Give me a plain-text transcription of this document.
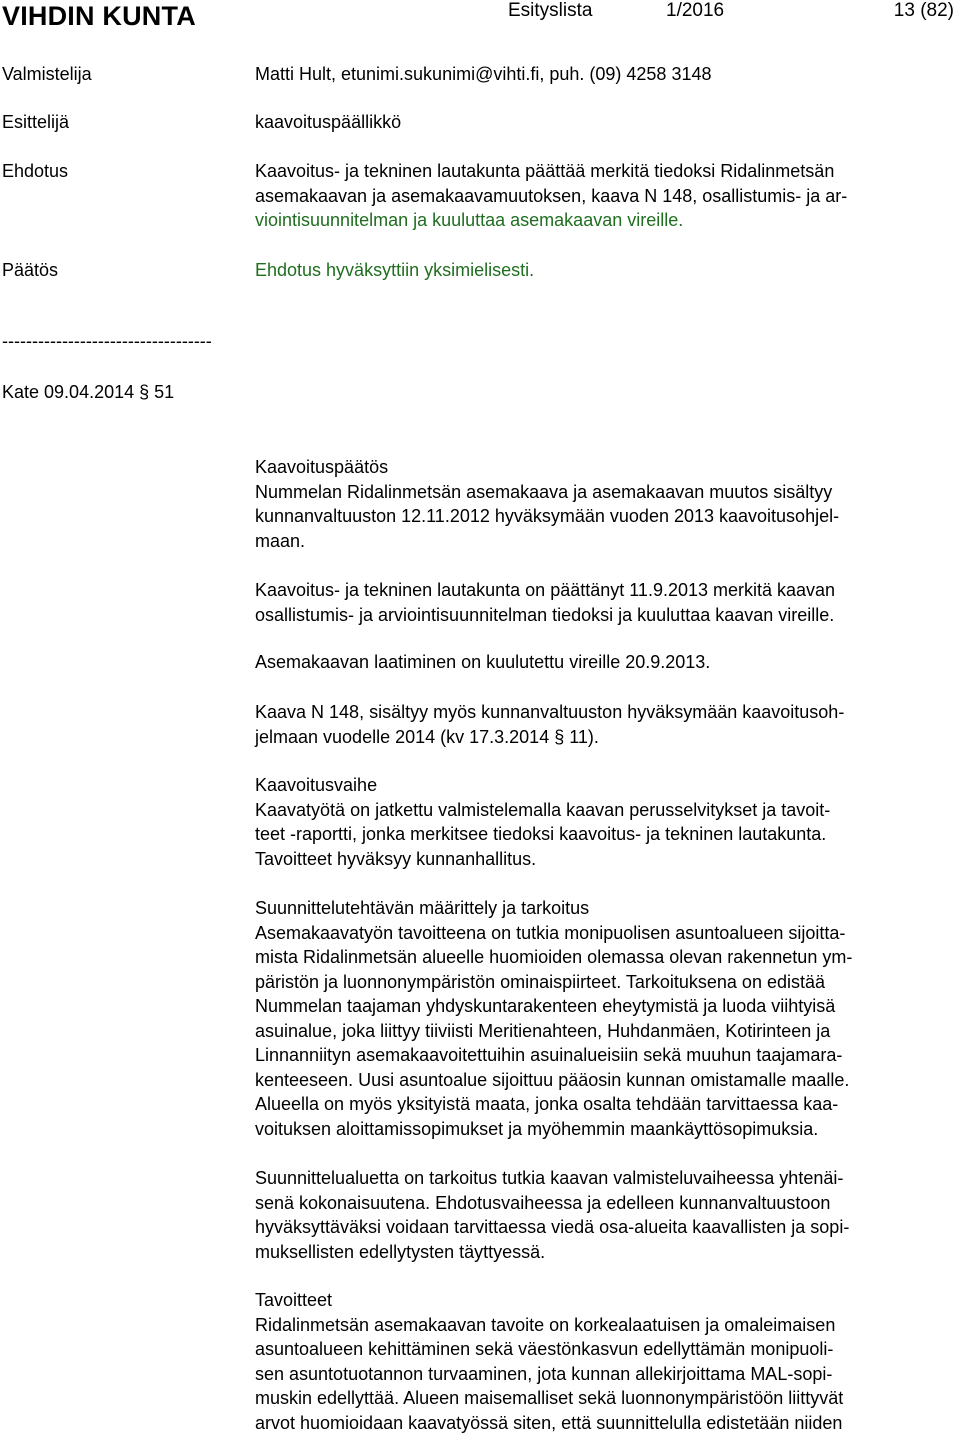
VIHDIN KUNTA	Esityslista	1/2016	13 (82)
Valmistelija	Matti Hult, etunimi.sukunimi@vihti.fi, puh. (09) 4258 3148
Esittelijä	kaavoituspäällikkö
Ehdotus	Kaavoitus- ja tekninen lautakunta päättää merkitä tiedoksi Ridalinmetsän
asemakaavan ja asemakaavamuutoksen, kaava N 148, osallistumis- ja ar-
viointisuunnitelman ja kuuluttaa asemakaavan vireille.
Päätös	Ehdotus hyväksyttiin yksimielisesti.
-----------------------------------
Kate 09.04.2014 § 51
Kaavoituspäätös
Nummelan Ridalinmetsän asemakaava ja asemakaavan muutos sisältyy
kunnanvaltuuston 12.11.2012 hyväksymään vuoden 2013 kaavoitusohjel-
maan.
Kaavoitus- ja tekninen lautakunta on päättänyt 11.9.2013 merkitä kaavan
osallistumis- ja arviointisuunnitelman tiedoksi ja kuuluttaa kaavan vireille.
Asemakaavan laatiminen on kuulutettu vireille 20.9.2013.
Kaava N 148, sisältyy myös kunnanvaltuuston hyväksymään kaavoitusoh-
jelmaan vuodelle 2014 (kv 17.3.2014 § 11).
Kaavoitusvaihe
Kaavatyötä on jatkettu valmistelemalla kaavan perusselvitykset ja tavoit-
teet -raportti, jonka merkitsee tiedoksi kaavoitus- ja tekninen lautakunta.
Tavoitteet hyväksyy kunnanhallitus.
Suunnittelutehtävän määrittely ja tarkoitus
Asemakaavatyön tavoitteena on tutkia monipuolisen asuntoalueen sijoitta-
mista Ridalinmetsän alueelle huomioiden olemassa olevan rakennetun ym-
päristön ja luonnonympäristön ominaispiirteet. Tarkoituksena on edistää
Nummelan taajaman yhdyskuntarakenteen eheytymistä ja luoda viihtyisä
asuinalue, joka liittyy tiiviisti Meritienahteen, Huhdanmäen, Kotirinteen ja
Linnanniityn asemakaavoitettuihin asuinalueisiin sekä muuhun taajamara-
kenteeseen. Uusi asuntoalue sijoittuu pääosin kunnan omistamalle maalle.
Alueella on myös yksityistä maata, jonka osalta tehdään tarvittaessa kaa-
voituksen aloittamissopimukset ja myöhemmin maankäyttösopimuksia.
Suunnittelualuetta on tarkoitus tutkia kaavan valmisteluvaiheessa yhtenäi-
senä kokonaisuutena. Ehdotusvaiheessa ja edelleen kunnanvaltuustoon
hyväksyttäväksi voidaan tarvittaessa viedä osa-alueita kaavallisten ja sopi-
muksellisten edellytysten täyttyessä.
Tavoitteet
Ridalinmetsän asemakaavan tavoite on korkealaatuisen ja omaleimaisen
asuntoalueen kehittäminen sekä väestönkasvun edellyttämän monipuoli-
sen asuntotuotannon turvaaminen, jota kunnan allekirjoittama MAL-sopi-
muskin edellyttää. Alueen maisemalliset sekä luonnonympäristöön liittyvät
arvot huomioidaan kaavatyössä siten, että suunnittelulla edistetään niiden
